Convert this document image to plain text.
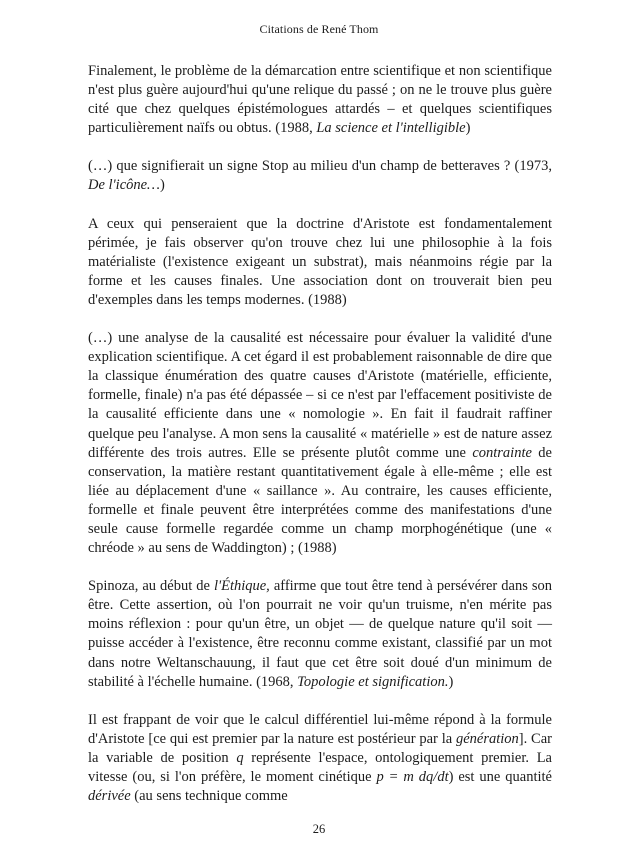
Citations de René Thom

Finalement, le problème de la démarcation entre scientifique et non scientifique n'est plus guère aujourd'hui qu'une relique du passé ; on ne le trouve plus guère cité que chez quelques épistémologues attardés – et quelques scientifiques particulièrement naïfs ou obtus. (1988, La science et l'intelligible)

(…) que signifierait un signe Stop au milieu d'un champ de betteraves ? (1973, De l'icône…)

A ceux qui penseraient que la doctrine d'Aristote est fondamentalement périmée, je fais observer qu'on trouve chez lui une philosophie à la fois matérialiste (l'existence exigeant un substrat), mais néanmoins régie par la forme et les causes finales. Une association dont on trouverait bien peu d'exemples dans les temps modernes. (1988)

(…) une analyse de la causalité est nécessaire pour évaluer la validité d'une explication scientifique. A cet égard il est probablement raisonnable de dire que la classique énumération des quatre causes d'Aristote (matérielle, efficiente, formelle, finale) n'a pas été dépassée – si ce n'est par l'effacement positiviste de la causalité efficiente dans une « nomologie ». En fait il faudrait raffiner quelque peu l'analyse. A mon sens la causalité « matérielle » est de nature assez différente des trois autres. Elle se présente plutôt comme une contrainte de conservation, la matière restant quantitativement égale à elle-même ; elle est liée au déplacement d'une « saillance ». Au contraire, les causes efficiente, formelle et finale peuvent être interprétées comme des manifestations d'une seule cause formelle regardée comme un champ morphogénétique (une « chréode » au sens de Waddington) ; (1988)

Spinoza, au début de l'Éthique, affirme que tout être tend à persévérer dans son être. Cette assertion, où l'on pourrait ne voir qu'un truisme, n'en mérite pas moins réflexion : pour qu'un être, un objet — de quelque nature qu'il soit — puisse accéder à l'existence, être reconnu comme existant, classifié par un mot dans notre Weltanschauung, il faut que cet être soit doué d'un minimum de stabilité à l'échelle humaine. (1968, Topologie et signification.)

Il est frappant de voir que le calcul différentiel lui-même répond à la formule d'Aristote [ce qui est premier par la nature est postérieur par la génération]. Car la variable de position q représente l'espace, ontologiquement premier. La vitesse (ou, si l'on préfère, le moment cinétique p = m dq/dt) est une quantité dérivée (au sens technique comme

26
